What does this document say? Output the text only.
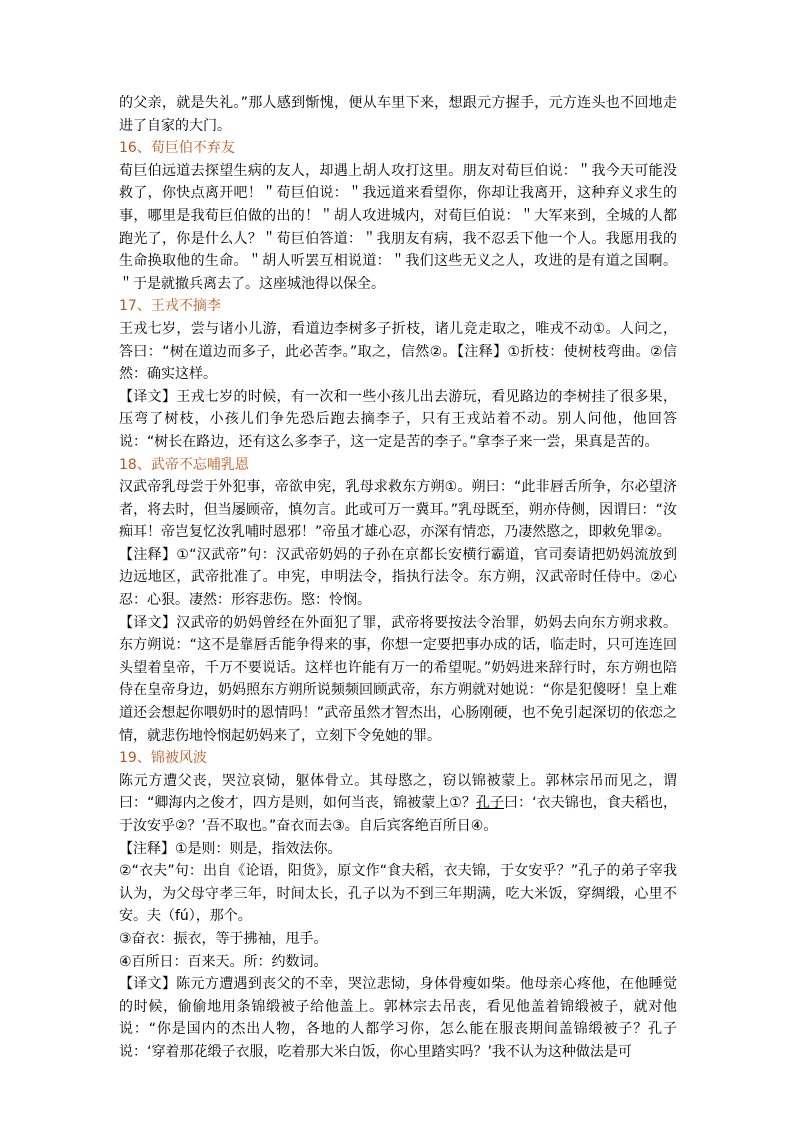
的父亲，就是失礼。”那人感到惭愧，便从车里下来，想跟元方握手，元方连头也不回地走进了自家的大门。

16、荀巨伯不弃友

荀巨伯远道去探望生病的友人，却遇上胡人攻打这里。朋友对荀巨伯说：＂我今天可能没救了，你快点离开吧！＂荀巨伯说：＂我远道来看望你，你却让我离开，这种弃义求生的事，哪里是我荀巨伯做的出的！＂胡人攻进城内，对荀巨伯说：＂大军来到，全城的人都跑光了，你是什么人？＂荀巨伯答道：＂我朋友有病，我不忍丢下他一个人。我愿用我的生命换取他的生命。＂胡人听罢互相说道：＂我们这些无义之人，攻进的是有道之国啊。＂于是就撤兵离去了。这座城池得以保全。

17、王戎不摘李

王戎七岁，尝与诸小儿游，看道边李树多子折枝，诸儿竞走取之，唯戎不动①。人问之，答曰：“树在道边而多子，此必苦李。”取之，信然②。【注释】①折枝：使树枝弯曲。②信然：确实这样。

【译文】王戎七岁的时候，有一次和一些小孩儿出去游玩，看见路边的李树挂了很多果，压弯了树枝，小孩儿们争先恐后跑去摘李子，只有王戎站着不动。别人问他，他回答说：“树长在路边，还有这么多李子，这一定是苦的李子。”拿李子来一尝，果真是苦的。

18、武帝不忘哺乳恩

汉武帝乳母尝于外犯事，帝欲申宪，乳母求救东方朔①。朔曰：“此非唇舌所争，尔必望济者，将去时，但当屡顾帝，慎勿言。此或可万一冀耳。”乳母既至，朔亦侍侧，因谓曰：“汝痴耳！帝岂复忆汝乳哺时恩邪！”帝虽才雄心忍，亦深有情恋，乃凄然愍之，即敕免罪②。

【注释】①“汉武帝”句：汉武帝奶妈的子孙在京都长安横行霸道，官司奏请把奶妈流放到边远地区，武帝批准了。申宪，申明法令，指执行法令。东方朔，汉武帝时任侍中。②心忍：心狠。凄然：形容悲伤。愍：怜悯。

【译文】汉武帝的奶妈曾经在外面犯了罪，武帝将要按法令治罪，奶妈去向东方朔求救。东方朔说：“这不是靠唇舌能争得来的事，你想一定要把事办成的话，临走时，只可连连回头望着皇帝，千万不要说话。这样也许能有万一的希望呢。”奶妈进来辞行时，东方朔也陪侍在皇帝身边，奶妈照东方朔所说频频回顾武帝，东方朔就对她说：“你是犯傻呀！皇上难道还会想起你喂奶时的恩情吗！”武帝虽然才智杰出，心肠刚硬，也不免引起深切的依恋之情，就悲伤地怜悯起奶妈来了，立刻下令免她的罪。

19、锦被风波

陈元方遭父丧，哭泣哀恸，躯体骨立。其母愍之，窃以锦被蒙上。郭林宗吊而见之，谓曰：“卿海内之俊才，四方是则，如何当丧，锦被蒙上①？孔子曰：‘衣夫锦也，食夫稻也，于汝安乎②？’吾不取也。”奋衣而去③。自后宾客绝百所日④。

【注释】①是则：则是，指效法你。

②“衣夫”句：出自《论语，阳货》，原文作“食夫稻，衣夫锦，于女安乎？”孔子的弟子宰我认为，为父母守孝三年，时间太长，孔子以为不到三年期满，吃大米饭，穿绸缎，心里不安。夫（fú），那个。

③奋衣：振衣，等于拂袖，甩手。

④百所日：百来天。所：约数词。

【译文】陈元方遭遇到丧父的不幸，哭泣悲恸，身体骨瘦如柴。他母亲心疼他，在他睡觉的时候，偷偷地用条锦缎被子给他盖上。郭林宗去吊丧，看见他盖着锦缎被子，就对他说：“你是国内的杰出人物，各地的人都学习你，怎么能在服丧期间盖锦缎被子？孔子说：‘穿着那花缎子衣服，吃着那大米白饭，你心里踏实吗？’我不认为这种做法是可
